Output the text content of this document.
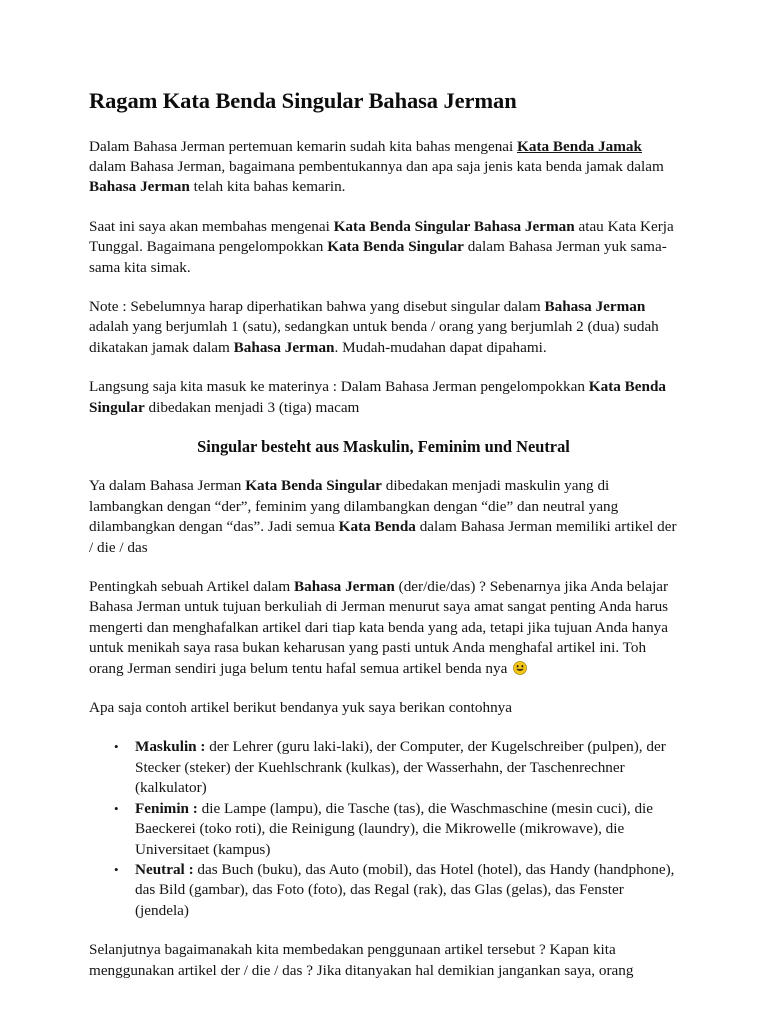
Ragam Kata Benda Singular Bahasa Jerman

Dalam Bahasa Jerman pertemuan kemarin sudah kita bahas mengenai Kata Benda Jamak dalam Bahasa Jerman, bagaimana pembentukannya dan apa saja jenis kata benda jamak dalam Bahasa Jerman telah kita bahas kemarin.

Saat ini saya akan membahas mengenai Kata Benda Singular Bahasa Jerman atau Kata Kerja Tunggal. Bagaimana pengelompokkan Kata Benda Singular dalam Bahasa Jerman yuk sama-sama kita simak.

Note : Sebelumnya harap diperhatikan bahwa yang disebut singular dalam Bahasa Jerman adalah yang berjumlah 1 (satu), sedangkan untuk benda / orang yang berjumlah 2 (dua) sudah dikatakan jamak dalam Bahasa Jerman. Mudah-mudahan dapat dipahami.

Langsung saja kita masuk ke materinya : Dalam Bahasa Jerman pengelompokkan Kata Benda Singular dibedakan menjadi 3 (tiga) macam

Singular besteht aus Maskulin, Feminim und Neutral

Ya dalam Bahasa Jerman Kata Benda Singular dibedakan menjadi maskulin yang di lambangkan dengan “der”, feminim yang dilambangkan dengan “die” dan neutral yang dilambangkan dengan “das”. Jadi semua Kata Benda dalam Bahasa Jerman memiliki artikel der / die / das

Pentingkah sebuah Artikel dalam Bahasa Jerman (der/die/das) ? Sebenarnya jika Anda belajar Bahasa Jerman untuk tujuan berkuliah di Jerman menurut saya amat sangat penting Anda harus mengerti dan menghafalkan artikel dari tiap kata benda yang ada, tetapi jika tujuan Anda hanya untuk menikah saya rasa bukan keharusan yang pasti untuk Anda menghafal artikel ini. Toh orang Jerman sendiri juga belum tentu hafal semua artikel benda nya

Apa saja contoh artikel berikut bendanya yuk saya berikan contohnya

• Maskulin : der Lehrer (guru laki-laki), der Computer, der Kugelschreiber (pulpen), der Stecker (steker) der Kuehlschrank (kulkas), der Wasserhahn, der Taschenrechner (kalkulator)
• Fenimin : die Lampe (lampu), die Tasche (tas), die Waschmaschine (mesin cuci), die Baeckerei (toko roti), die Reinigung (laundry), die Mikrowelle (mikrowave), die Universitaet (kampus)
• Neutral : das Buch (buku), das Auto (mobil), das Hotel (hotel), das Handy (handphone), das Bild (gambar), das Foto (foto), das Regal (rak), das Glas (gelas), das Fenster (jendela)

Selanjutnya bagaimanakah kita membedakan penggunaan artikel tersebut ? Kapan kita menggunakan artikel der / die / das ? Jika ditanyakan hal demikian jangankan saya, orang
